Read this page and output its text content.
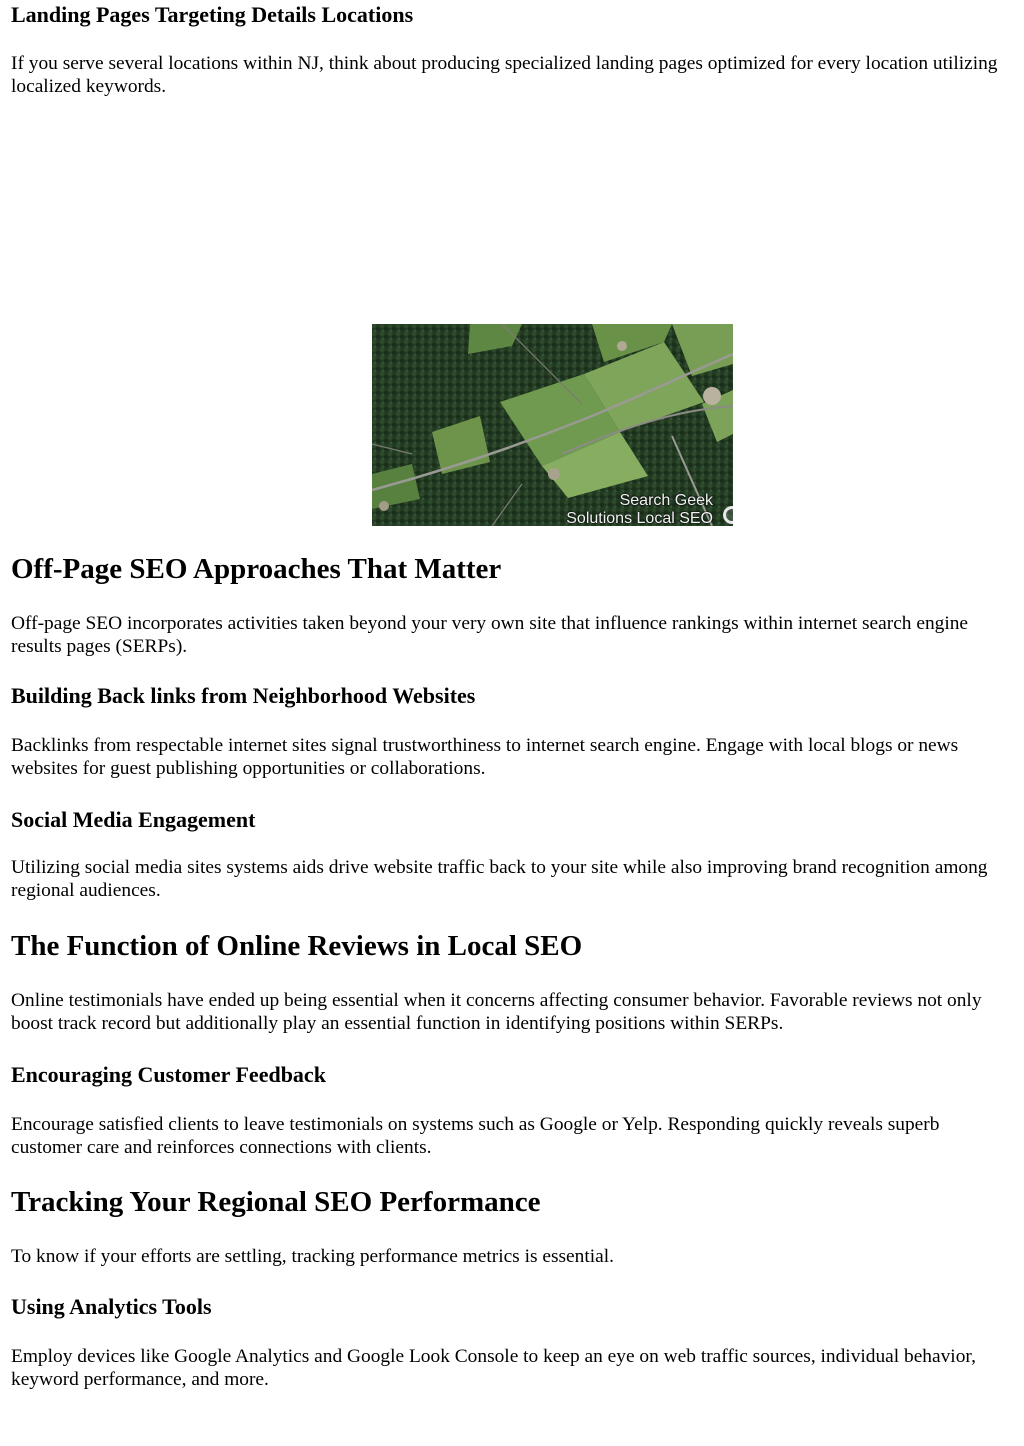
Landing Pages Targeting Details Locations

If you serve several locations within NJ, think about producing specialized landing pages optimized for every location utilizing localized keywords.

Off-Page SEO Approaches That Matter

Off-page SEO incorporates activities taken beyond your very own site that influence rankings within internet search engine results pages (SERPs).

Building Back links from Neighborhood Websites

Backlinks from respectable internet sites signal trustworthiness to internet search engine. Engage with local blogs or news websites for guest publishing opportunities or collaborations.

Social Media Engagement

Utilizing social media sites systems aids drive website traffic back to your site while also improving brand recognition among regional audiences.

The Function of Online Reviews in Local SEO

Online testimonials have ended up being essential when it concerns affecting consumer behavior. Favorable reviews not only boost track record but additionally play an essential function in identifying positions within SERPs.

Encouraging Customer Feedback

Encourage satisfied clients to leave testimonials on systems such as Google or Yelp. Responding quickly reveals superb customer care and reinforces connections with clients.

Tracking Your Regional SEO Performance

To know if your efforts are settling, tracking performance metrics is essential.

Using Analytics Tools

Employ devices like Google Analytics and Google Look Console to keep an eye on web traffic sources, individual behavior, keyword performance, and more.

Search Geek
Solutions Local SEO
